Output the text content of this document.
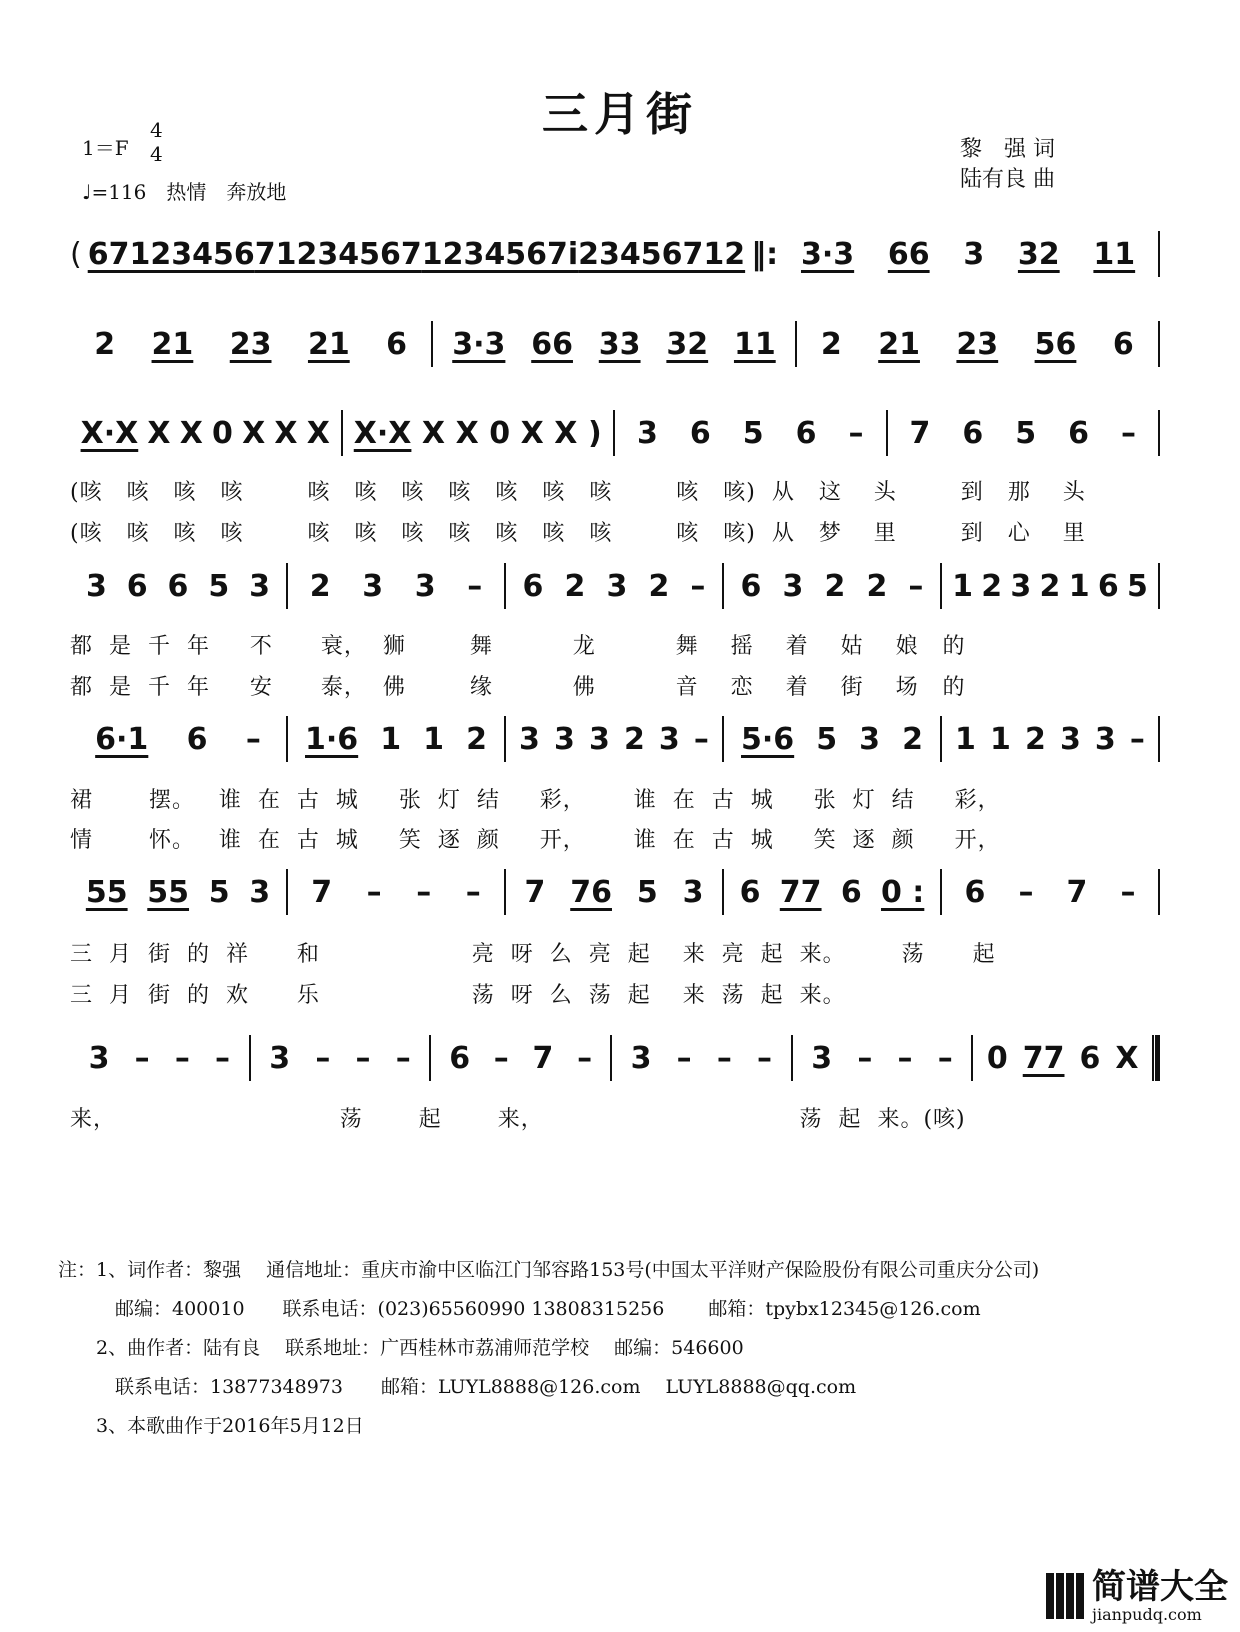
三月街
1＝F
4
4
♩=116　 热情　奔放地
黎　强 词
陆有良 曲
( 67123456 71234567 1234567i 23456712 ‖: 3·3 66 3 32 11
2 21 23 21 6 3·3 66 33 32 11 2 21 23 56 6
X·X X X 0 X X X X·X X X 0 X X ) 3 6 5 6 – 7 6 5 6 –
3 6 6 5 3 2 3 3 – 6 2 3 2 – 6 3 2 2 – 1 2 3 2 1 6 5
6·1 6 – 1·6 1 1 2 3 3 3 2 3 – 5·6 5 3 2 1 1 2 3 3 –
55 55 5 3 7 – – – 7 76 5 3 6 77 6 0 : 6 – 7 –
3 – – – 3 – – – 6 – 7 – 3 – – – 3 – – – 0 77 6 X
(咳   咳   咳   咳        咳   咳   咳   咳   咳   咳   咳        咳   咳)  从   这    头        到   那    头
(咳   咳   咳   咳        咳   咳   咳   咳   咳   咳   咳        咳   咳)  从   梦    里        到   心    里
都  是  千  年     不      衰，  狮        舞          龙          舞    摇    着    姑    娘   的
都  是  千  年     安      泰，  佛        缘          佛          音    恋    着    街    场   的
裙       摆。   谁  在  古  城     张  灯  结     彩，      谁  在  古  城     张  灯  结     彩，
情       怀。   谁  在  古  城     笑  逐  颜     开，      谁  在  古  城     笑  逐  颜     开，
三  月  街  的  祥      和                   亮  呀  么  亮  起    来  亮  起  来。       荡      起
三  月  街  的  欢      乐                   荡  呀  么  荡  起    来  荡  起  来。
来，                            荡       起       来，                                荡  起  来。(咳)
注：1、词作者：黎强　 通信地址：重庆市渝中区临江门邹容路153号(中国太平洋财产保险股份有限公司重庆分公司)
　　　邮编：400010　　联系电话：(023)65560990 13808315256　　 邮箱：tpybx12345@126.com
　　2、曲作者：陆有良　 联系地址：广西桂林市荔浦师范学校　 邮编：546600
　　　联系电话：13877348973　　邮箱：LUYL8888@126.com　 LUYL8888@qq.com
　　3、本歌曲作于2016年5月12日
简谱大全
jianpudq.com
